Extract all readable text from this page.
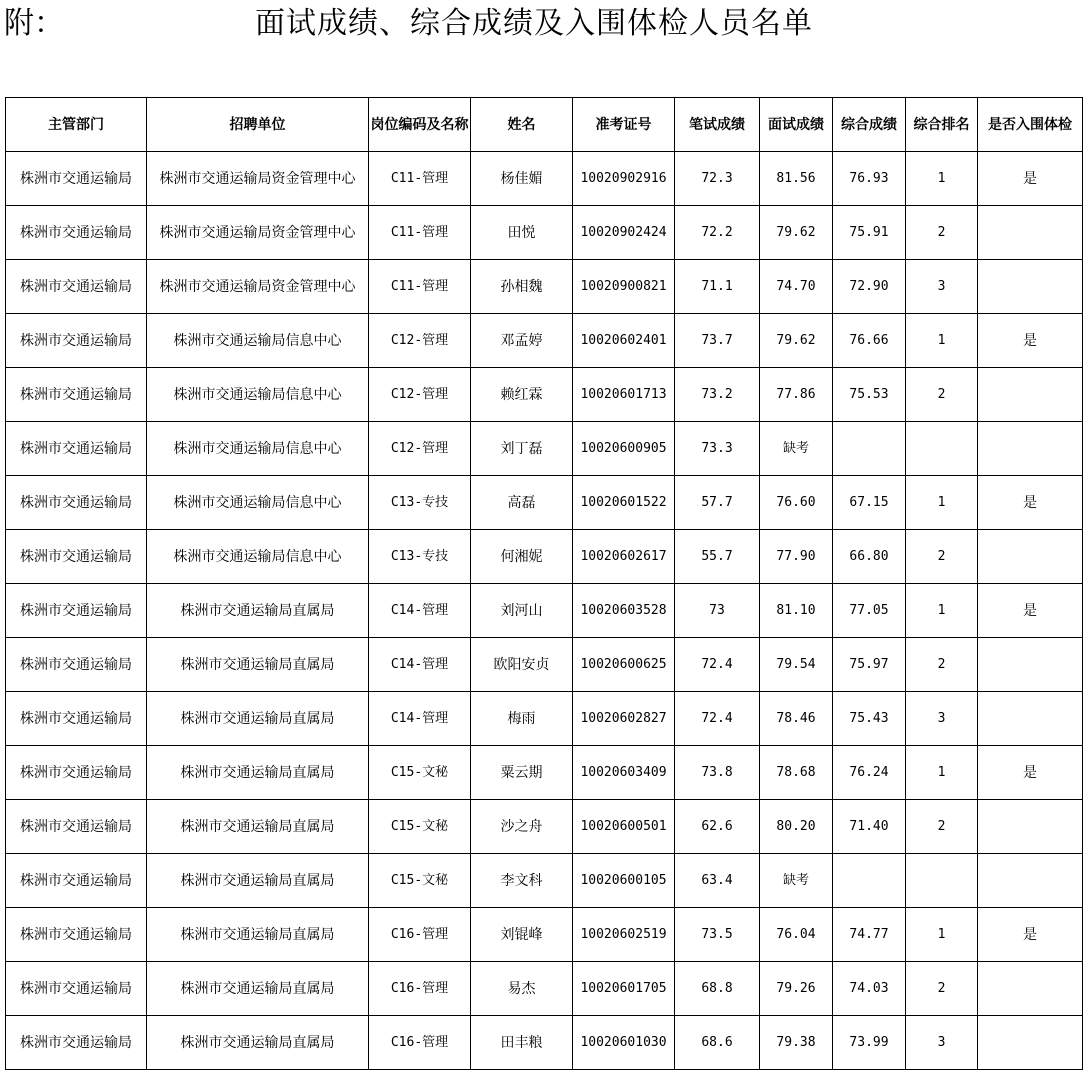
附：	面试成绩、综合成绩及入围体检人员名单
主管部门	招聘单位	岗位编码及名称	姓名	准考证号	笔试成绩	面试成绩	综合成绩	综合排名	是否入围体检
株洲市交通运输局	株洲市交通运输局资金管理中心	C11-管理	杨佳媚	10020902916	72.3	81.56	76.93	1	是
株洲市交通运输局	株洲市交通运输局资金管理中心	C11-管理	田悦	10020902424	72.2	79.62	75.91	2	
株洲市交通运输局	株洲市交通运输局资金管理中心	C11-管理	孙相魏	10020900821	71.1	74.70	72.90	3	
株洲市交通运输局	株洲市交通运输局信息中心	C12-管理	邓孟婷	10020602401	73.7	79.62	76.66	1	是
株洲市交通运输局	株洲市交通运输局信息中心	C12-管理	赖红霖	10020601713	73.2	77.86	75.53	2	
株洲市交通运输局	株洲市交通运输局信息中心	C12-管理	刘丁磊	10020600905	73.3	缺考			
株洲市交通运输局	株洲市交通运输局信息中心	C13-专技	高磊	10020601522	57.7	76.60	67.15	1	是
株洲市交通运输局	株洲市交通运输局信息中心	C13-专技	何湘妮	10020602617	55.7	77.90	66.80	2	
株洲市交通运输局	株洲市交通运输局直属局	C14-管理	刘河山	10020603528	73	81.10	77.05	1	是
株洲市交通运输局	株洲市交通运输局直属局	C14-管理	欧阳安贞	10020600625	72.4	79.54	75.97	2	
株洲市交通运输局	株洲市交通运输局直属局	C14-管理	梅雨	10020602827	72.4	78.46	75.43	3	
株洲市交通运输局	株洲市交通运输局直属局	C15-文秘	粟云期	10020603409	73.8	78.68	76.24	1	是
株洲市交通运输局	株洲市交通运输局直属局	C15-文秘	沙之舟	10020600501	62.6	80.20	71.40	2	
株洲市交通运输局	株洲市交通运输局直属局	C15-文秘	李文科	10020600105	63.4	缺考			
株洲市交通运输局	株洲市交通运输局直属局	C16-管理	刘锟峰	10020602519	73.5	76.04	74.77	1	是
株洲市交通运输局	株洲市交通运输局直属局	C16-管理	易杰	10020601705	68.8	79.26	74.03	2	
株洲市交通运输局	株洲市交通运输局直属局	C16-管理	田丰粮	10020601030	68.6	79.38	73.99	3	
